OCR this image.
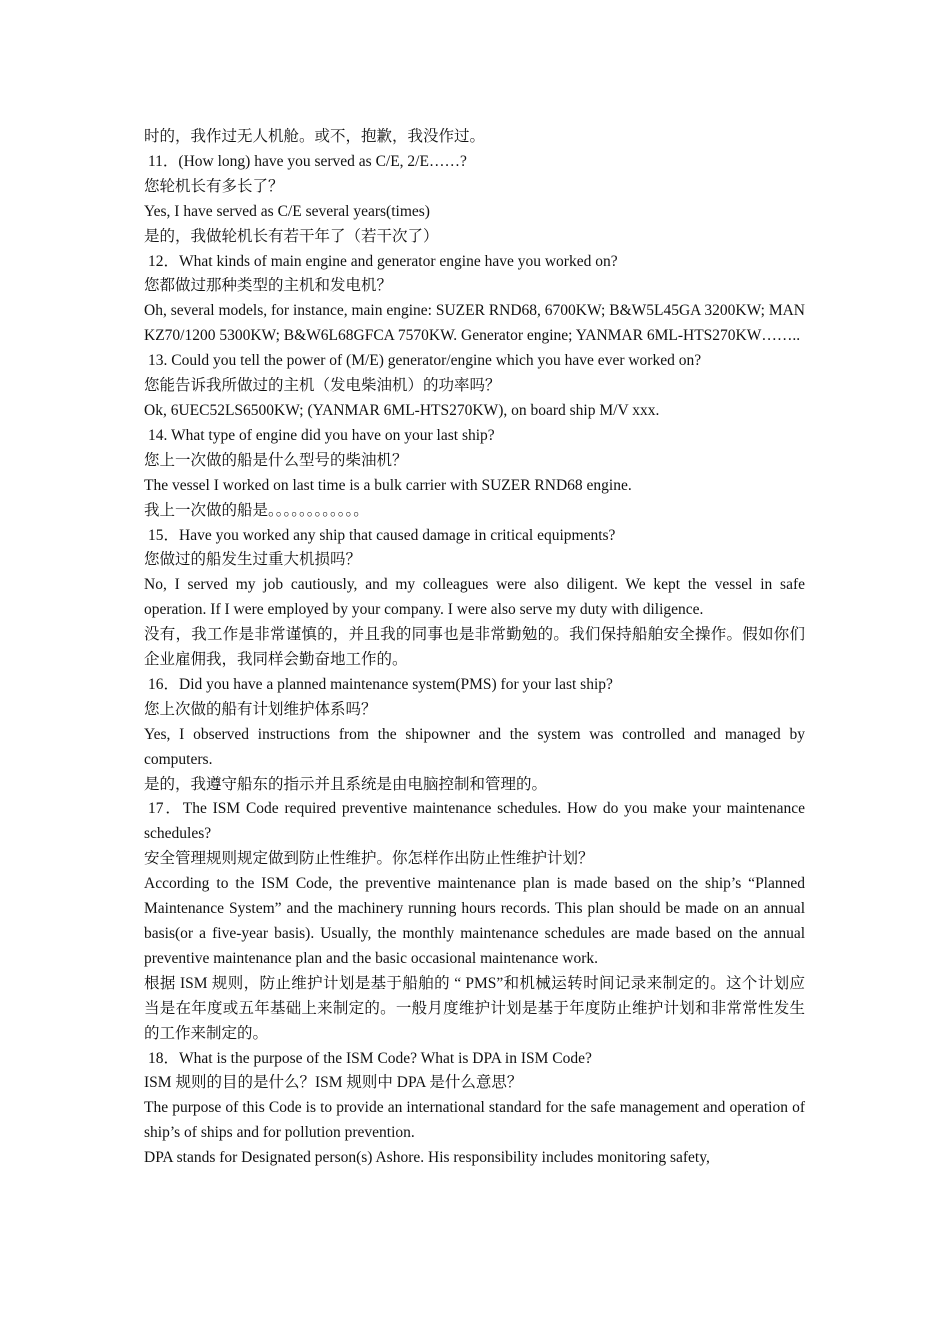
时的，我作过无人机舱。或不，抱歉，我没作过。

11．(How long) have you served as C/E, 2/E……?

您轮机长有多长了？

Yes, I have served as C/E several years(times)

是的，我做轮机长有若干年了（若干次了）

12．What kinds of main engine and generator engine have you worked on?

您都做过那种类型的主机和发电机？

Oh, several models, for instance, main engine: SUZER RND68, 6700KW; B&W5L45GA 3200KW; MAN KZ70/1200 5300KW; B&W6L68GFCA 7570KW. Generator engine; YANMAR 6ML-HTS270KW……..

13. Could you tell the power of (M/E) generator/engine which you have ever worked on?

您能告诉我所做过的主机（发电柴油机）的功率吗？

Ok, 6UEC52LS6500KW; (YANMAR 6ML-HTS270KW), on board ship M/V xxx.

14. What type of engine did you have on your last ship?

您上一次做的船是什么型号的柴油机？

The vessel I worked on last time is a bulk carrier with SUZER RND68 engine.

我上一次做的船是。。。。。。。。。。。。

15．Have you worked any ship that caused damage in critical equipments?

您做过的船发生过重大机损吗？

No, I served my job cautiously, and my colleagues were also diligent. We kept the vessel in safe operation. If I were employed by your company. I were also serve my duty with diligence.

没有，我工作是非常谨慎的，并且我的同事也是非常勤勉的。我们保持船舶安全操作。假如你们企业雇佣我，我同样会勤奋地工作的。

16．Did you have a planned maintenance system(PMS) for your last ship?

您上次做的船有计划维护体系吗？

Yes, I observed instructions from the shipowner and the system was controlled and managed by computers.

是的，我遵守船东的指示并且系统是由电脑控制和管理的。

17．The ISM Code required preventive maintenance schedules. How do you make your maintenance schedules?

安全管理规则规定做到防止性维护。你怎样作出防止性维护计划？

According to the ISM Code, the preventive maintenance plan is made based on the ship’s “Planned Maintenance System” and the machinery running hours records. This plan should be made on an annual basis(or a five-year basis). Usually, the monthly maintenance schedules are made based on the annual preventive maintenance plan and the basic occasional maintenance work.

根据 ISM 规则，防止维护计划是基于船舶的 “ PMS”和机械运转时间记录来制定的。这个计划应当是在年度或五年基础上来制定的。一般月度维护计划是基于年度防止维护计划和非常常性发生的工作来制定的。

18．What is the purpose of the ISM Code? What is DPA in ISM Code?

ISM 规则的目的是什么？ISM 规则中 DPA 是什么意思？

The purpose of this Code is to provide an international standard for the safe management and operation of ship’s of ships and for pollution prevention.

DPA stands for Designated person(s) Ashore. His responsibility includes monitoring safety,
